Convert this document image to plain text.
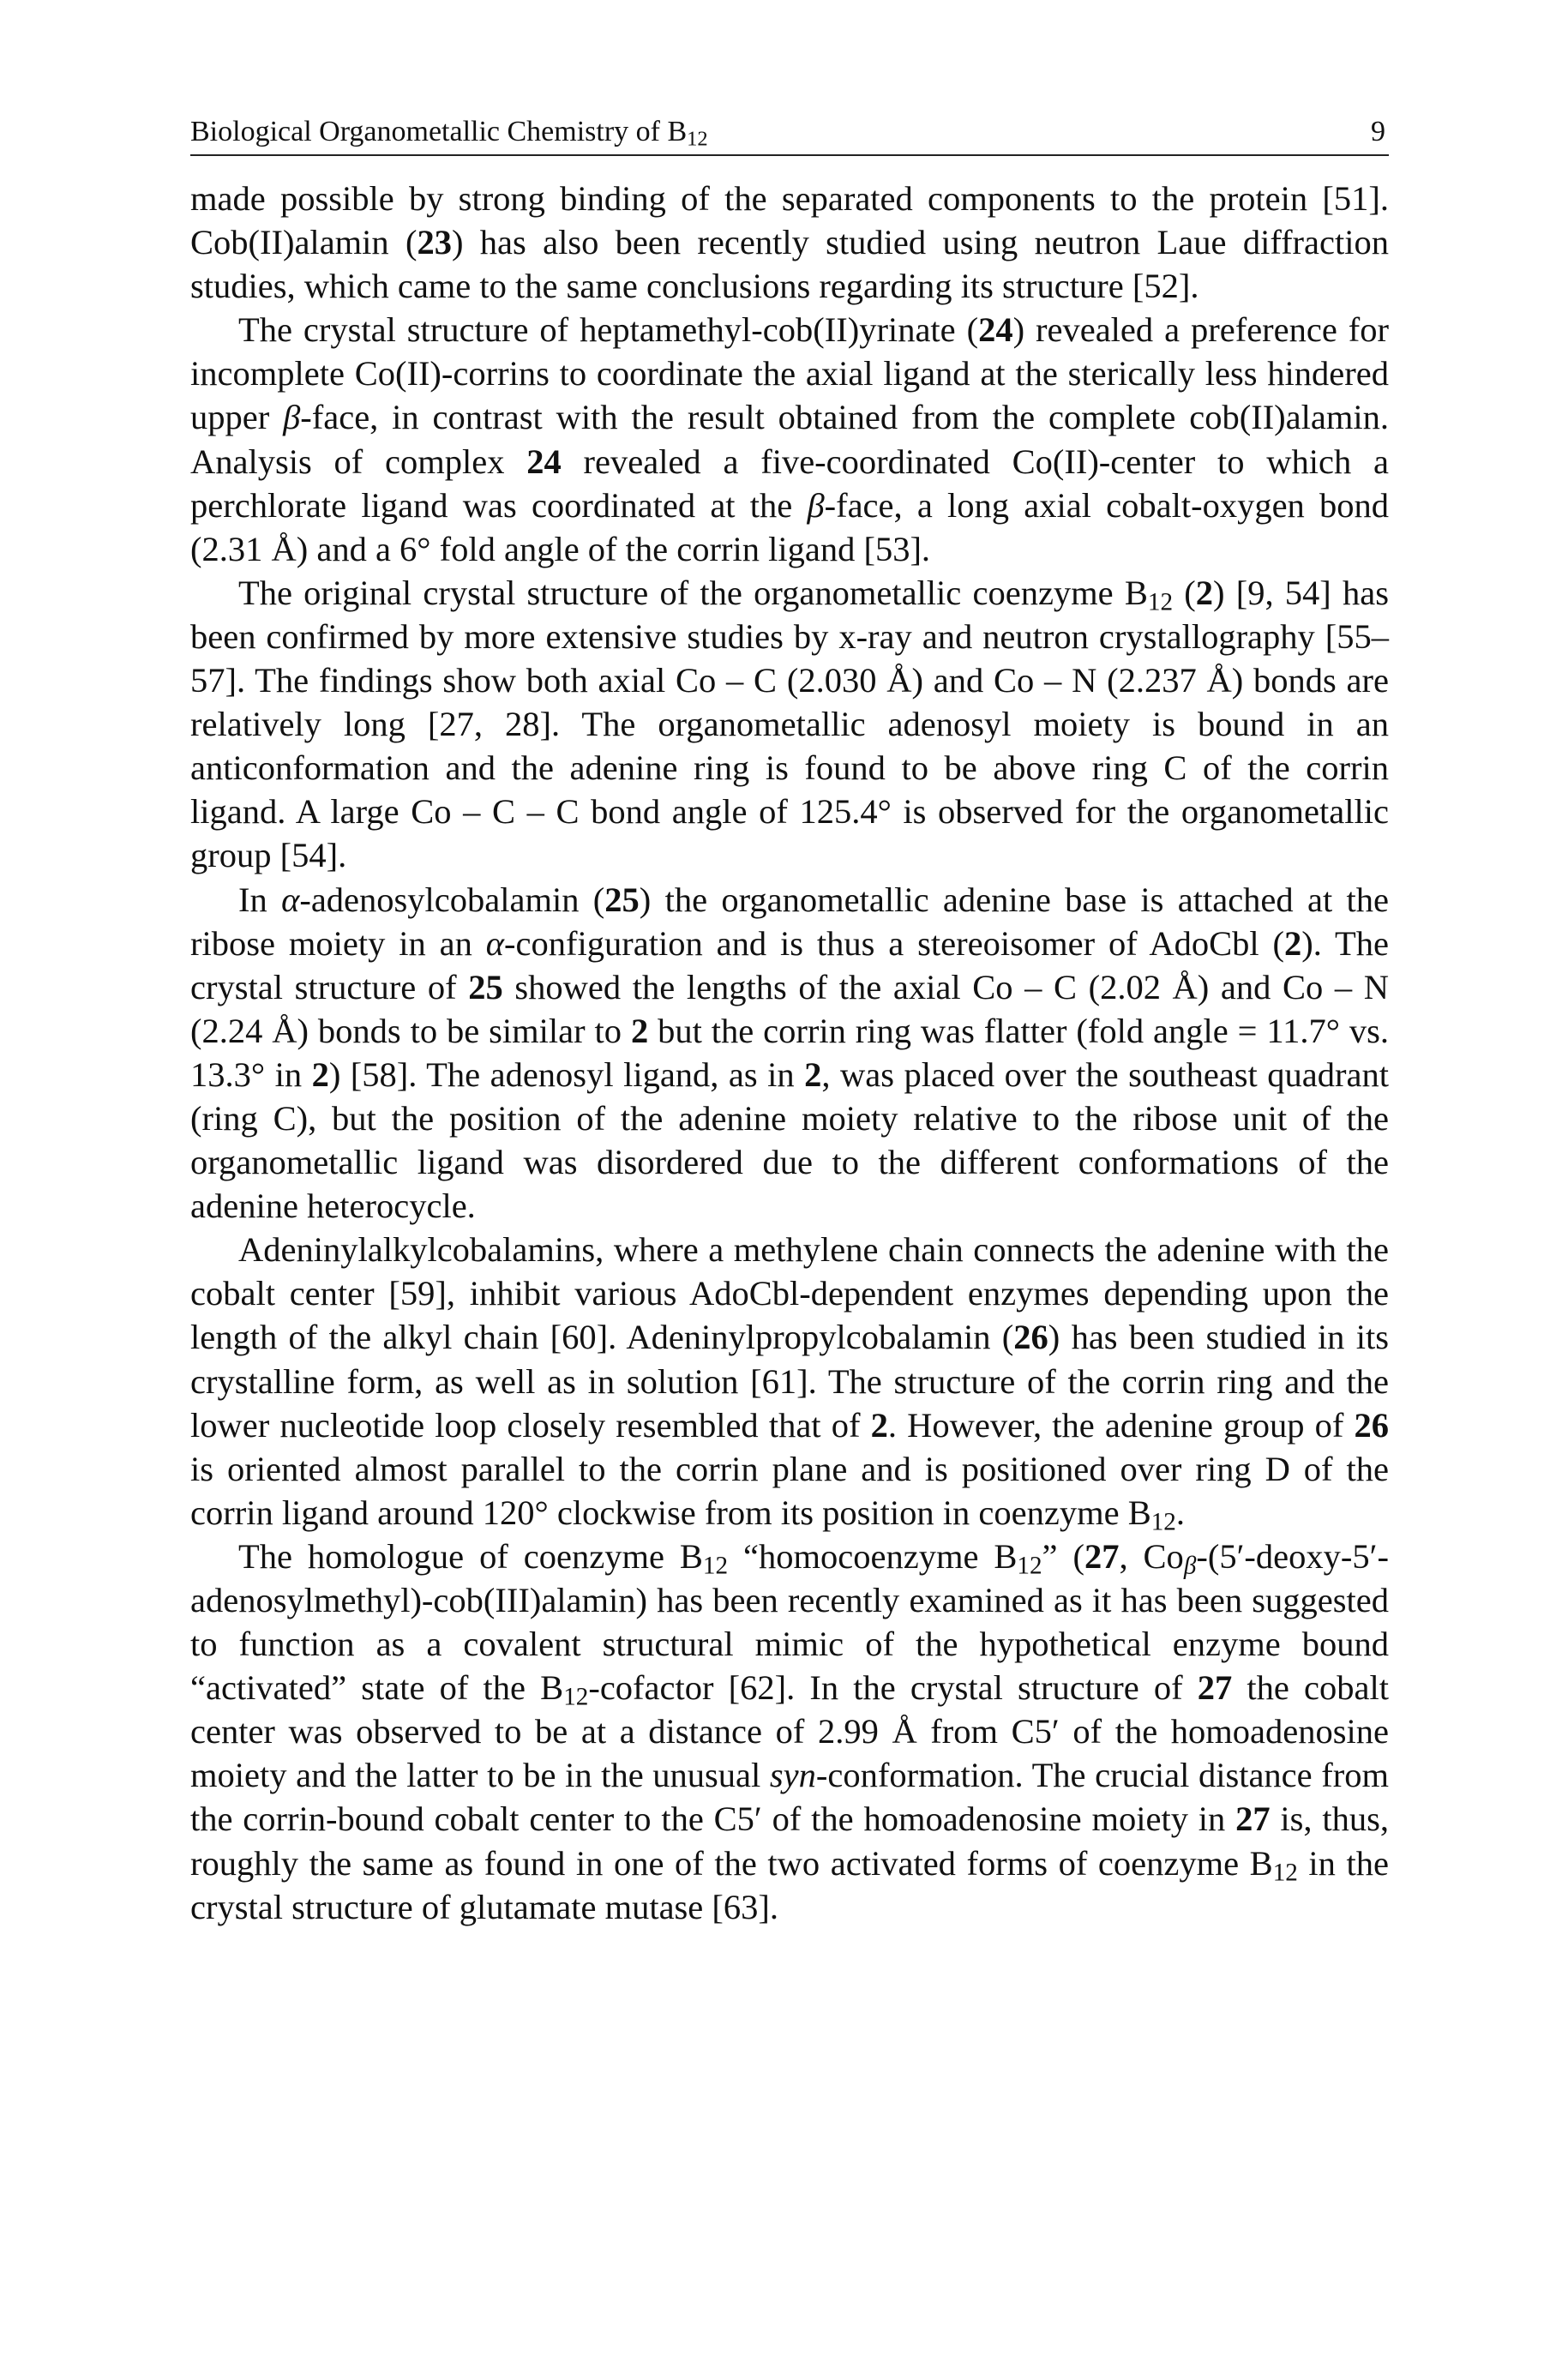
Biological Organometallic Chemistry of $B_{12}$	9

made possible by strong binding of the separated components to the protein [51]. Cob(II)alamin (23) has also been recently studied using neutron Laue diffraction studies, which came to the same conclusions regarding its structure [52].

The crystal structure of heptamethyl-cob(II)yrinate (24) revealed a preference for incomplete Co(II)-corrins to coordinate the axial ligand at the sterically less hindered upper β-face, in contrast with the result obtained from the complete cob(II)alamin. Analysis of complex 24 revealed a five-coordinated Co(II)-center to which a perchlorate ligand was coordinated at the β-face, a long axial cobalt-oxygen bond (2.31 Å) and a 6° fold angle of the corrin ligand [53].

The original crystal structure of the organometallic coenzyme $B_{12}$ (2) [9, 54] has been confirmed by more extensive studies by x-ray and neutron crystallography [55–57]. The findings show both axial Co – C (2.030 Å) and Co – N (2.237 Å) bonds are relatively long [27, 28]. The organometallic adenosyl moiety is bound in an anticonformation and the adenine ring is found to be above ring C of the corrin ligand. A large Co – C – C bond angle of 125.4° is observed for the organometallic group [54].

In α-adenosylcobalamin (25) the organometallic adenine base is attached at the ribose moiety in an α-configuration and is thus a stereoisomer of AdoCbl (2). The crystal structure of 25 showed the lengths of the axial Co – C (2.02 Å) and Co – N (2.24 Å) bonds to be similar to 2 but the corrin ring was flatter (fold angle = 11.7° vs. 13.3° in 2) [58]. The adenosyl ligand, as in 2, was placed over the southeast quadrant (ring C), but the position of the adenine moiety relative to the ribose unit of the organometallic ligand was disordered due to the different conformations of the adenine heterocycle.

Adeninylalkylcobalamins, where a methylene chain connects the adenine with the cobalt center [59], inhibit various AdoCbl-dependent enzymes depending upon the length of the alkyl chain [60]. Adeninylpropylcobalamin (26) has been studied in its crystalline form, as well as in solution [61]. The structure of the corrin ring and the lower nucleotide loop closely resembled that of 2. However, the adenine group of 26 is oriented almost parallel to the corrin plane and is positioned over ring D of the corrin ligand around 120° clockwise from its position in coenzyme $B_{12}$.

The homologue of coenzyme $B_{12}$ “homocoenzyme $B_{12}$” (27, $Co_\beta-(5'-deoxy-5'-adenosylmethyl)-cob(III)alamin$) has been recently examined as it has been suggested to function as a covalent structural mimic of the hypothetical enzyme bound “activated” state of the $B_{12}$-cofactor [62]. In the crystal structure of 27 the cobalt center was observed to be at a distance of 2.99 Å from C5′ of the homoadenosine moiety and the latter to be in the unusual syn-conformation. The crucial distance from the corrin-bound cobalt center to the C5′ of the homoadenosine moiety in 27 is, thus, roughly the same as found in one of the two activated forms of coenzyme $B_{12}$ in the crystal structure of glutamate mutase [63].
